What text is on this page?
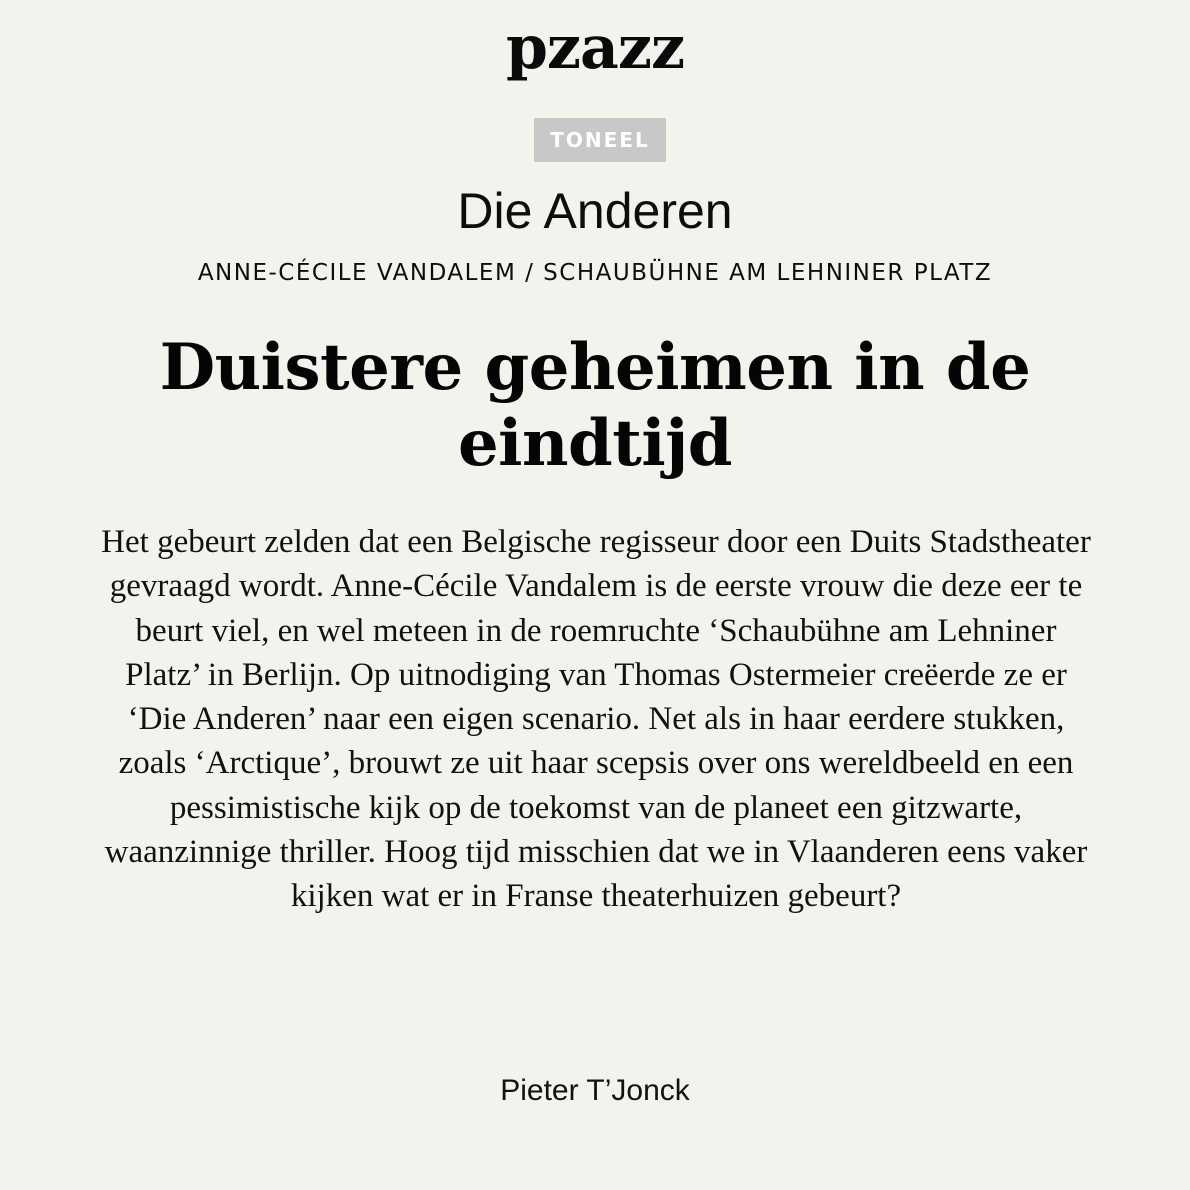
pzazz
TONEEL
Die Anderen
ANNE-CÉCILE VANDALEM / SCHAUBÜHNE AM LEHNINER PLATZ
Duistere geheimen in de eindtijd

Het gebeurt zelden dat een Belgische regisseur door een Duits Stadstheater gevraagd wordt. Anne-Cécile Vandalem is de eerste vrouw die deze eer te beurt viel, en wel meteen in de roemruchte ‘Schaubühne am Lehniner Platz’ in Berlijn. Op uitnodiging van Thomas Ostermeier creëerde ze er ‘Die Anderen’ naar een eigen scenario. Net als in haar eerdere stukken, zoals ‘Arctique’, brouwt ze uit haar scepsis over ons wereldbeeld en een pessimistische kijk op de toekomst van de planeet een gitzwarte, waanzinnige thriller. Hoog tijd misschien dat we in Vlaanderen eens vaker kijken wat er in Franse theaterhuizen gebeurt?

Pieter T’Jonck
